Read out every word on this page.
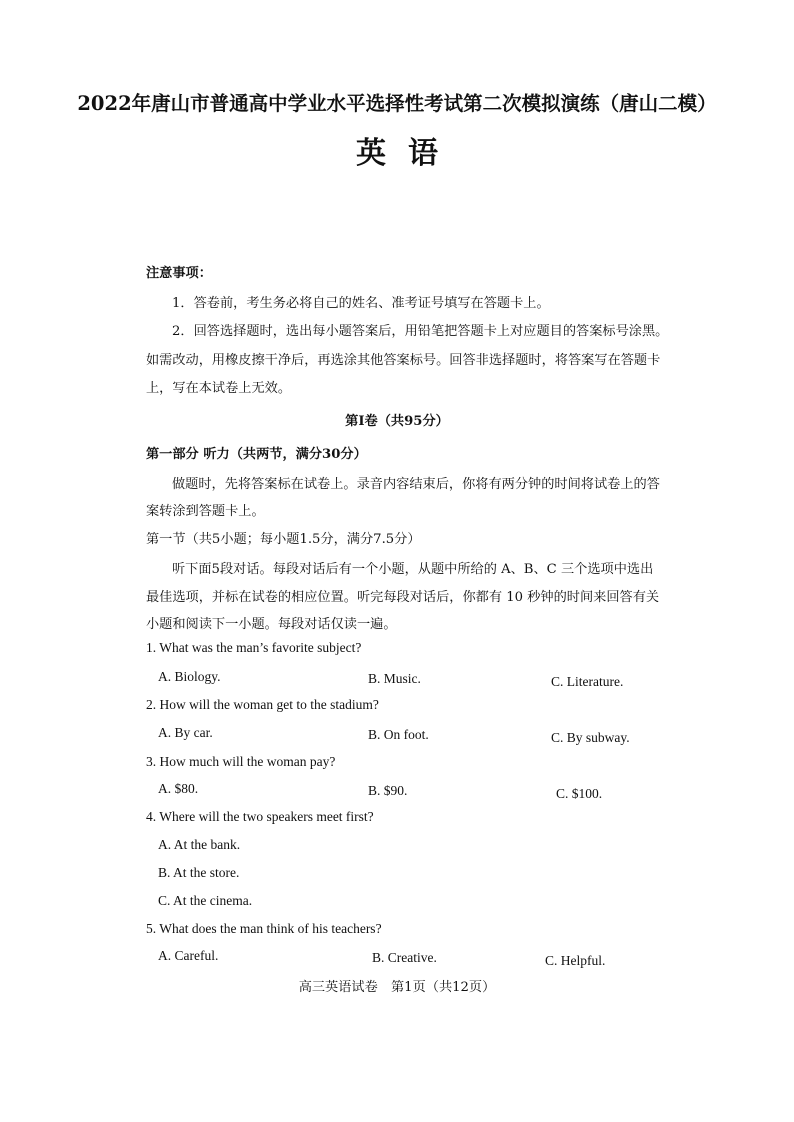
2022年唐山市普通高中学业水平选择性考试第二次模拟演练（唐山二模）
英语
注意事项：
1．答卷前，考生务必将自己的姓名、准考证号填写在答题卡上。
2．回答选择题时，选出每小题答案后，用铅笔把答题卡上对应题目的答案标号涂黑。
如需改动，用橡皮擦干净后，再选涂其他答案标号。回答非选择题时，将答案写在答题卡
上，写在本试卷上无效。
第Ⅰ卷（共95分）
第一部分 听力（共两节，满分30分）
做题时，先将答案标在试卷上。录音内容结束后，你将有两分钟的时间将试卷上的答
案转涂到答题卡上。
第一节（共5小题；每小题1.5分，满分7.5分）
听下面5段对话。每段对话后有一个小题，从题中所给的 A、B、C 三个选项中选出
最佳选项，并标在试卷的相应位置。听完每段对话后，你都有 10 秒钟的时间来回答有关
小题和阅读下一小题。每段对话仅读一遍。
1. What was the man’s favorite subject?
A. Biology.	B. Music.	C. Literature.
2. How will the woman get to the stadium?
A. By car.	B. On foot.	C. By subway.
3. How much will the woman pay?
A. $80.	B. $90.	C. $100.
4. Where will the two speakers meet first?
A. At the bank.
B. At the store.
C. At the cinema.
5. What does the man think of his teachers?
A. Careful.	B. Creative.	C. Helpful.
高三英语试卷　第1页（共12页）
